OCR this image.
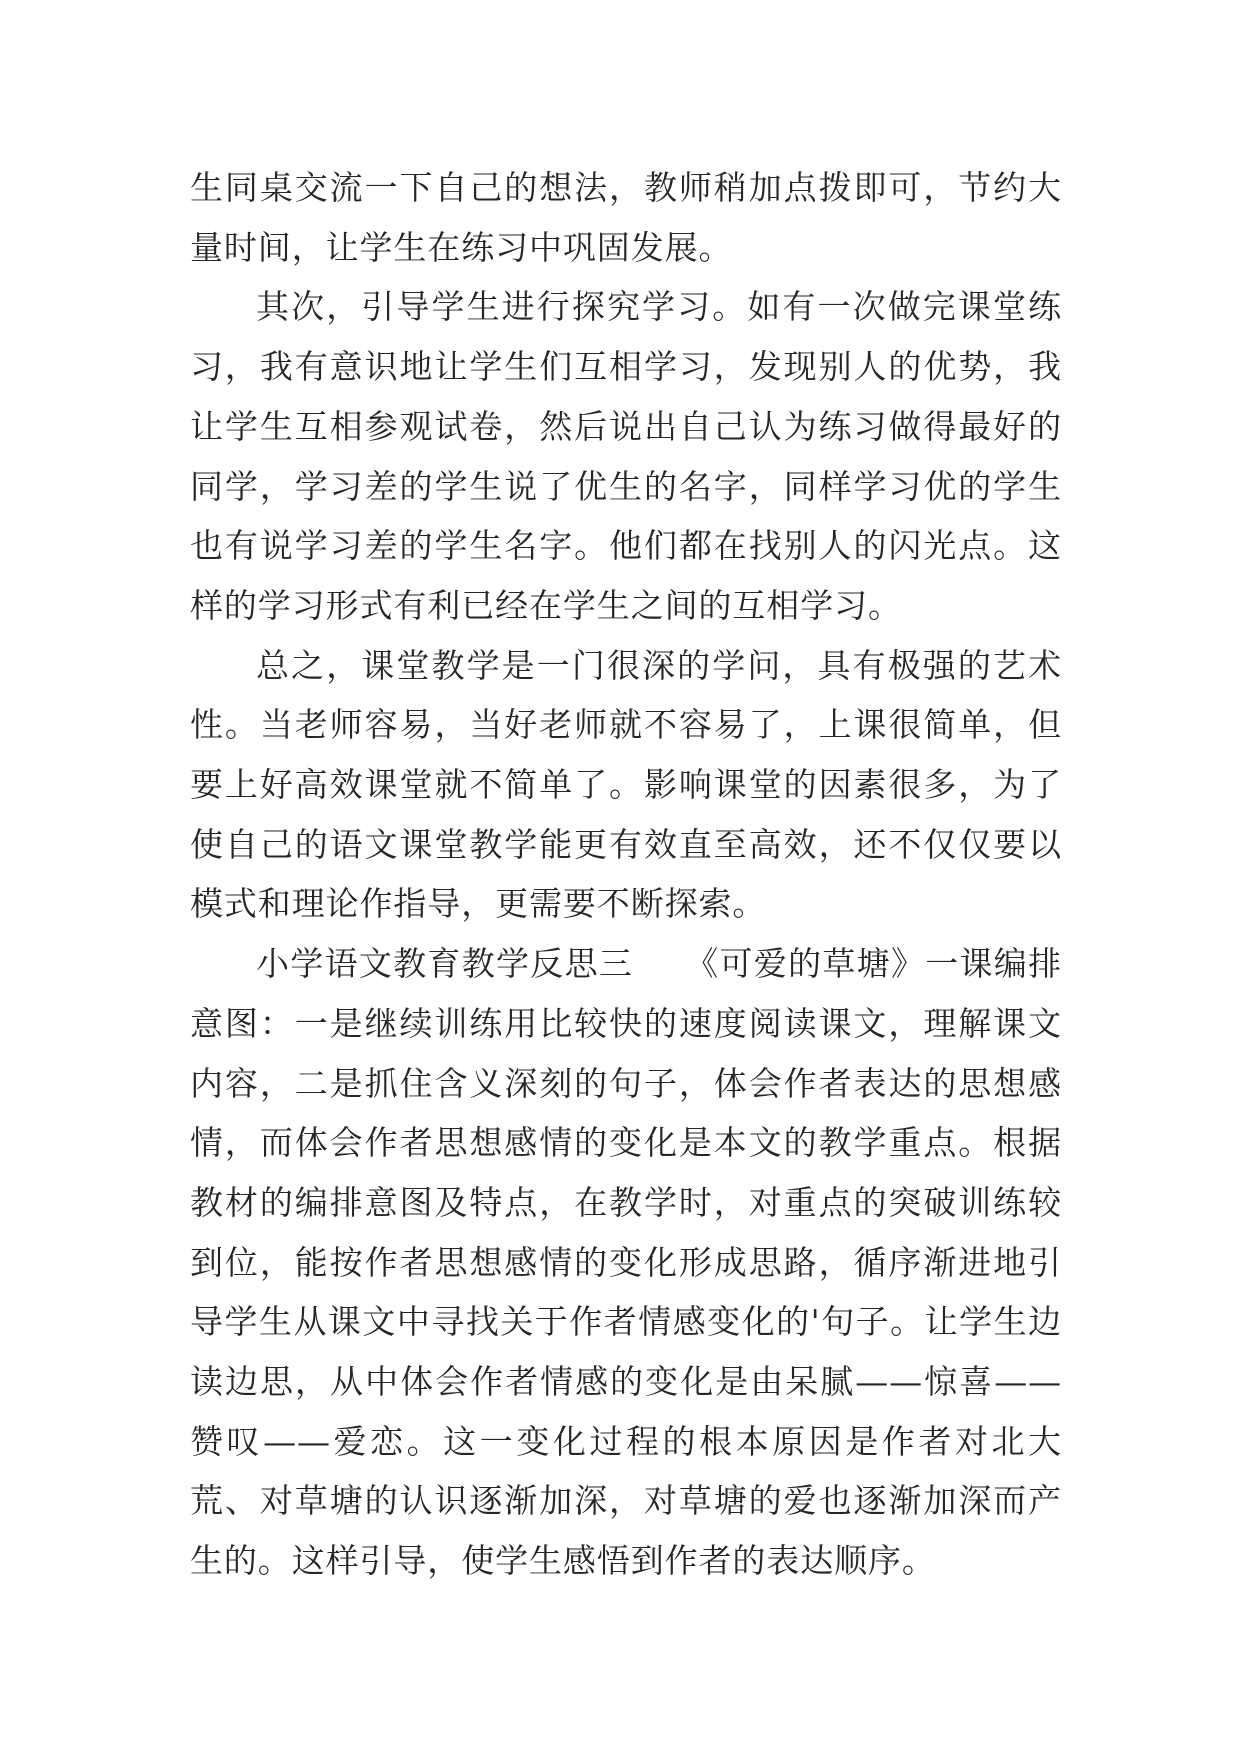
生同桌交流一下自己的想法，教师稍加点拨即可，节约大量时间，让学生在练习中巩固发展。

其次，引导学生进行探究学习。如有一次做完课堂练习，我有意识地让学生们互相学习，发现别人的优势，我让学生互相参观试卷，然后说出自己认为练习做得最好的同学，学习差的学生说了优生的名字，同样学习优的学生也有说学习差的学生名字。他们都在找别人的闪光点。这样的学习形式有利已经在学生之间的互相学习。

总之，课堂教学是一门很深的学问，具有极强的艺术性。当老师容易，当好老师就不容易了，上课很简单，但要上好高效课堂就不简单了。影响课堂的因素很多，为了使自己的语文课堂教学能更有效直至高效，还不仅仅要以模式和理论作指导，更需要不断探索。

小学语文教育教学反思三　　《可爱的草塘》一课编排意图：一是继续训练用比较快的速度阅读课文，理解课文内容，二是抓住含义深刻的句子，体会作者表达的思想感情，而体会作者思想感情的变化是本文的教学重点。根据教材的编排意图及特点，在教学时，对重点的突破训练较到位，能按作者思想感情的变化形成思路，循序渐进地引导学生从课文中寻找关于作者情感变化的'句子。让学生边读边思，从中体会作者情感的变化是由呆腻——惊喜——赞叹——爱恋。这一变化过程的根本原因是作者对北大荒、对草塘的认识逐渐加深，对草塘的爱也逐渐加深而产生的。这样引导，使学生感悟到作者的表达顺序。
